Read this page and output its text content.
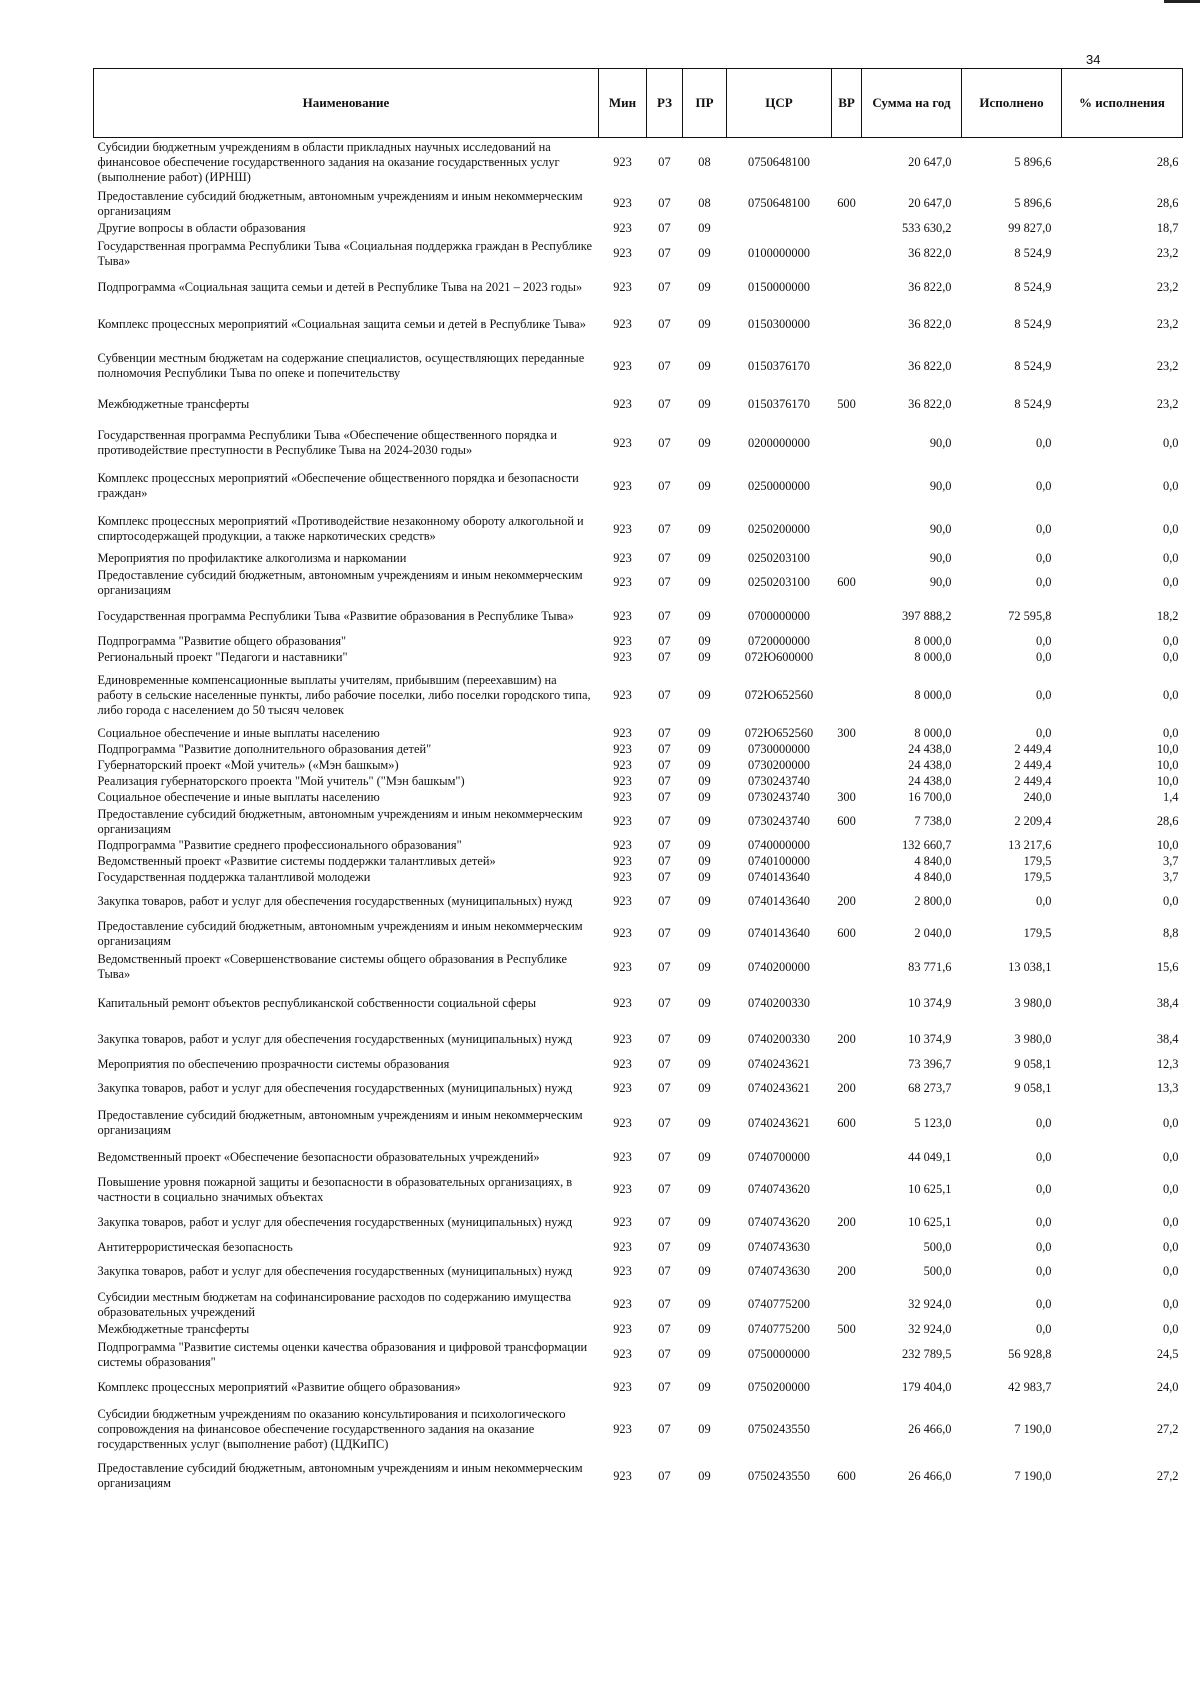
34
Наименование	Мин	РЗ	ПР	ЦСР	ВР	Сумма на год	Исполнено	% исполнения
Субсидии бюджетным учреждениям в области прикладных научных исследований на финансовое обеспечение государственного задания на оказание государственных услуг (выполнение работ) (ИРНШ)	923	07	08	0750648100		20 647,0	5 896,6	28,6
Предоставление субсидий бюджетным, автономным учреждениям и иным некоммерческим организациям	923	07	08	0750648100	600	20 647,0	5 896,6	28,6
Другие вопросы в области образования	923	07	09			533 630,2	99 827,0	18,7
Государственная программа Республики Тыва «Социальная поддержка граждан в Республике Тыва»	923	07	09	0100000000		36 822,0	8 524,9	23,2
Подпрограмма «Социальная защита семьи и детей в Республике Тыва на 2021 – 2023 годы»	923	07	09	0150000000		36 822,0	8 524,9	23,2
Комплекс процессных мероприятий «Социальная защита семьи и детей в Республике Тыва»	923	07	09	0150300000		36 822,0	8 524,9	23,2
Субвенции местным бюджетам на содержание специалистов, осуществляющих переданные полномочия Республики Тыва по опеке и попечительству	923	07	09	0150376170		36 822,0	8 524,9	23,2
Межбюджетные трансферты	923	07	09	0150376170	500	36 822,0	8 524,9	23,2
Государственная программа Республики Тыва «Обеспечение общественного порядка и противодействие преступности в Республике Тыва на 2024-2030 годы»	923	07	09	0200000000		90,0	0,0	0,0
Комплекс процессных мероприятий «Обеспечение общественного порядка и безопасности граждан»	923	07	09	0250000000		90,0	0,0	0,0
Комплекс процессных мероприятий «Противодействие незаконному обороту алкогольной и спиртосодержащей продукции, а также наркотических средств»	923	07	09	0250200000		90,0	0,0	0,0
Мероприятия по профилактике алкоголизма и наркомании	923	07	09	0250203100		90,0	0,0	0,0
Предоставление субсидий бюджетным, автономным учреждениям и иным некоммерческим организациям	923	07	09	0250203100	600	90,0	0,0	0,0
Государственная программа Республики Тыва «Развитие образования в Республике Тыва»	923	07	09	0700000000		397 888,2	72 595,8	18,2
Подпрограмма "Развитие общего образования"	923	07	09	0720000000		8 000,0	0,0	0,0
Региональный проект "Педагоги и наставники"	923	07	09	072Ю600000		8 000,0	0,0	0,0
Единовременные компенсационные выплаты учителям, прибывшим (переехавшим) на работу в сельские населенные пункты, либо рабочие поселки, либо поселки городского типа, либо города с населением до 50 тысяч человек	923	07	09	072Ю652560		8 000,0	0,0	0,0
Социальное обеспечение и иные выплаты населению	923	07	09	072Ю652560	300	8 000,0	0,0	0,0
Подпрограмма "Развитие дополнительного образования детей"	923	07	09	0730000000		24 438,0	2 449,4	10,0
Губернаторский проект «Мой учитель» («Мэн башкым»)	923	07	09	0730200000		24 438,0	2 449,4	10,0
Реализация губернаторского проекта "Мой учитель" ("Мэн башкым")	923	07	09	0730243740		24 438,0	2 449,4	10,0
Социальное обеспечение и иные выплаты населению	923	07	09	0730243740	300	16 700,0	240,0	1,4
Предоставление субсидий бюджетным, автономным учреждениям и иным некоммерческим организациям	923	07	09	0730243740	600	7 738,0	2 209,4	28,6
Подпрограмма "Развитие среднего профессионального образования"	923	07	09	0740000000		132 660,7	13 217,6	10,0
Ведомственный проект «Развитие системы поддержки талантливых детей»	923	07	09	0740100000		4 840,0	179,5	3,7
Государственная поддержка талантливой молодежи	923	07	09	0740143640		4 840,0	179,5	3,7
Закупка товаров, работ и услуг для обеспечения государственных (муниципальных) нужд	923	07	09	0740143640	200	2 800,0	0,0	0,0
Предоставление субсидий бюджетным, автономным учреждениям и иным некоммерческим организациям	923	07	09	0740143640	600	2 040,0	179,5	8,8
Ведомственный проект «Совершенствование системы общего образования в Республике Тыва»	923	07	09	0740200000		83 771,6	13 038,1	15,6
Капитальный ремонт объектов республиканской собственности социальной сферы	923	07	09	0740200330		10 374,9	3 980,0	38,4
Закупка товаров, работ и услуг для обеспечения государственных (муниципальных) нужд	923	07	09	0740200330	200	10 374,9	3 980,0	38,4
Мероприятия по обеспечению прозрачности системы образования	923	07	09	0740243621		73 396,7	9 058,1	12,3
Закупка товаров, работ и услуг для обеспечения государственных (муниципальных) нужд	923	07	09	0740243621	200	68 273,7	9 058,1	13,3
Предоставление субсидий бюджетным, автономным учреждениям и иным некоммерческим организациям	923	07	09	0740243621	600	5 123,0	0,0	0,0
Ведомственный проект «Обеспечение безопасности образовательных учреждений»	923	07	09	0740700000		44 049,1	0,0	0,0
Повышение уровня пожарной защиты и безопасности в образовательных организациях, в частности в социально значимых объектах	923	07	09	0740743620		10 625,1	0,0	0,0
Закупка товаров, работ и услуг для обеспечения государственных (муниципальных) нужд	923	07	09	0740743620	200	10 625,1	0,0	0,0
Антитеррористическая безопасность	923	07	09	0740743630		500,0	0,0	0,0
Закупка товаров, работ и услуг для обеспечения государственных (муниципальных) нужд	923	07	09	0740743630	200	500,0	0,0	0,0
Субсидии местным бюджетам на софинансирование расходов по содержанию имущества образовательных учреждений	923	07	09	0740775200		32 924,0	0,0	0,0
Межбюджетные трансферты	923	07	09	0740775200	500	32 924,0	0,0	0,0
Подпрограмма "Развитие системы оценки качества образования и цифровой трансформации системы образования"	923	07	09	0750000000		232 789,5	56 928,8	24,5
Комплекс процессных мероприятий «Развитие общего образования»	923	07	09	0750200000		179 404,0	42 983,7	24,0
Субсидии бюджетным учреждениям по оказанию консультирования и психологического сопровождения на финансовое обеспечение государственного задания на оказание государственных услуг (выполнение работ) (ЦДКиПС)	923	07	09	0750243550		26 466,0	7 190,0	27,2
Предоставление субсидий бюджетным, автономным учреждениям и иным некоммерческим организациям	923	07	09	0750243550	600	26 466,0	7 190,0	27,2
